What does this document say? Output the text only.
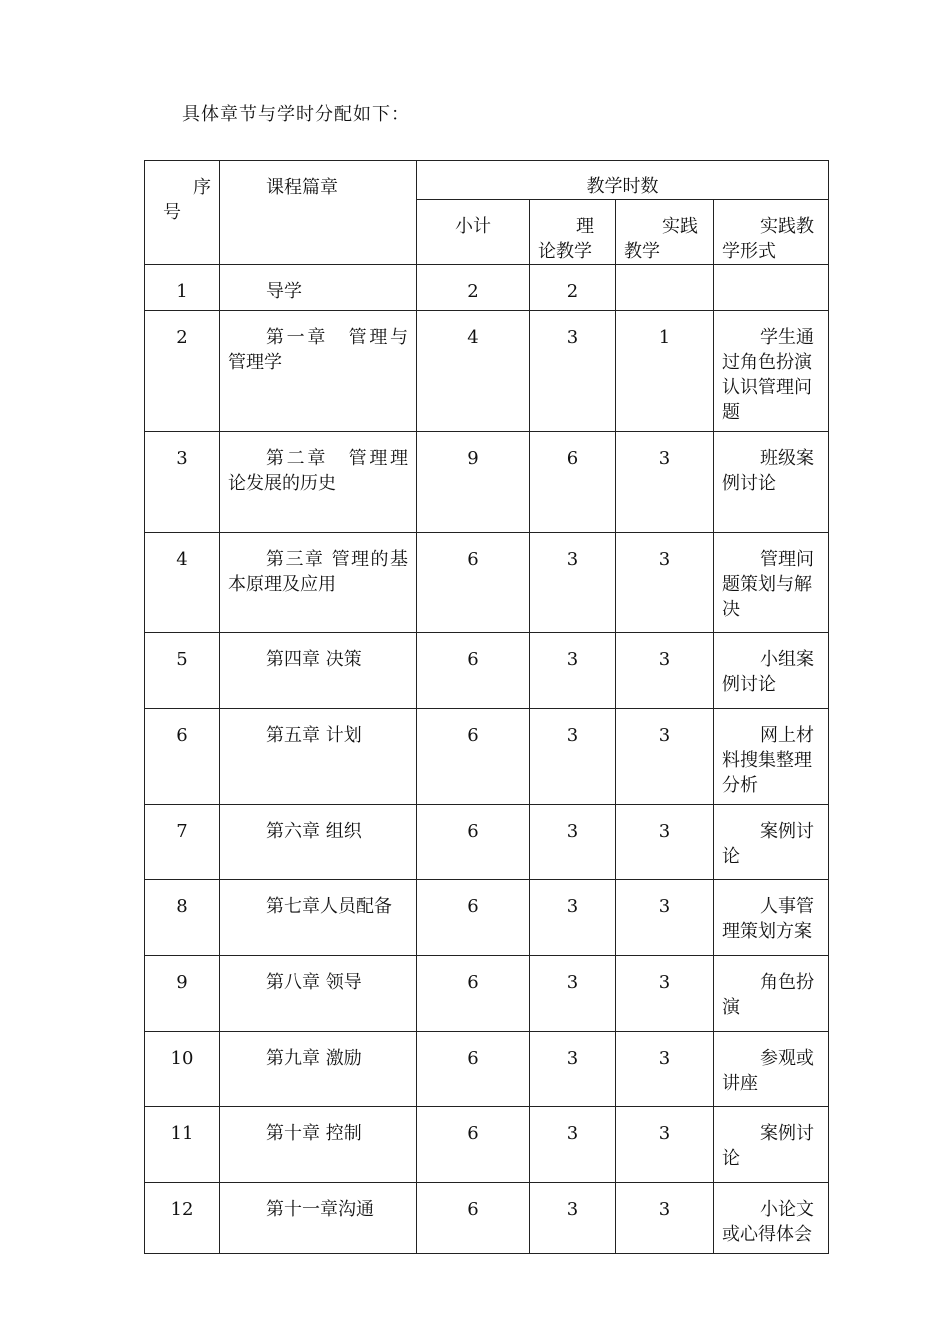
具体章节与学时分配如下：
序号	课程篇章	教学时数			
		小计	理论教学	实践教学	实践教学形式
1	导学	2	2		
2	第一章　管理与管理学	4	3	1	学生通过角色扮演认识管理问题
3	第二章　管理理论发展的历史	9	6	3	班级案例讨论
4	第三章 管理的基本原理及应用	6	3	3	管理问题策划与解决
5	第四章 决策	6	3	3	小组案例讨论
6	第五章 计划	6	3	3	网上材料搜集整理分析
7	第六章 组织	6	3	3	案例讨论
8	第七章人员配备	6	3	3	人事管理策划方案
9	第八章 领导	6	3	3	角色扮演
10	第九章 激励	6	3	3	参观或讲座
11	第十章 控制	6	3	3	案例讨论
12	第十一章沟通	6	3	3	小论文或心得体会
